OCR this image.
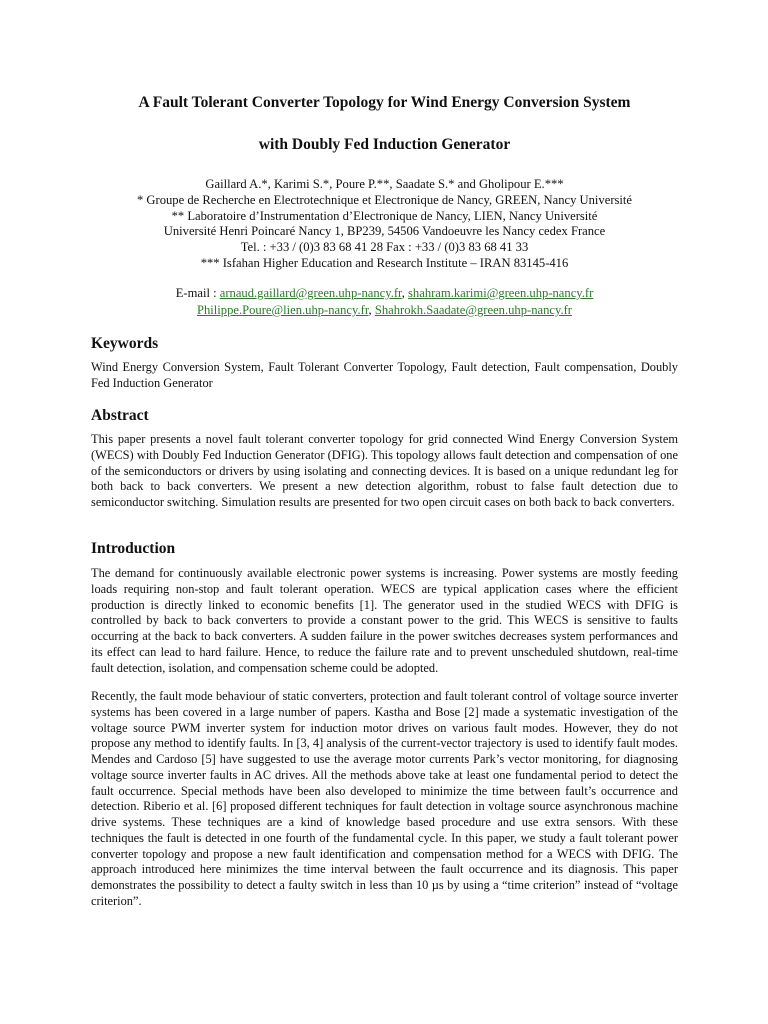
A Fault Tolerant Converter Topology for Wind Energy Conversion System
with Doubly Fed Induction Generator
Gaillard A.*, Karimi S.*, Poure P.**, Saadate S.* and Gholipour E.***
* Groupe de Recherche en Electrotechnique et Electronique de Nancy, GREEN, Nancy Université
** Laboratoire d’Instrumentation d’Electronique de Nancy, LIEN, Nancy Université
Université Henri Poincaré Nancy 1, BP239, 54506 Vandoeuvre les Nancy cedex France
Tel. : +33 / (0)3 83 68 41 28 Fax : +33 / (0)3 83 68 41 33
*** Isfahan Higher Education and Research Institute – IRAN 83145-416
E-mail : arnaud.gaillard@green.uhp-nancy.fr, shahram.karimi@green.uhp-nancy.fr
Philippe.Poure@lien.uhp-nancy.fr, Shahrokh.Saadate@green.uhp-nancy.fr
Keywords
Wind Energy Conversion System, Fault Tolerant Converter Topology, Fault detection, Fault compensation, Doubly Fed Induction Generator
Abstract
This paper presents a novel fault tolerant converter topology for grid connected Wind Energy Conversion System (WECS) with Doubly Fed Induction Generator (DFIG). This topology allows fault detection and compensation of one of the semiconductors or drivers by using isolating and connecting devices. It is based on a unique redundant leg for both back to back converters. We present a new detection algorithm, robust to false fault detection due to semiconductor switching. Simulation results are presented for two open circuit cases on both back to back converters.
Introduction
The demand for continuously available electronic power systems is increasing. Power systems are mostly feeding loads requiring non-stop and fault tolerant operation. WECS are typical application cases where the efficient production is directly linked to economic benefits [1]. The generator used in the studied WECS with DFIG is controlled by back to back converters to provide a constant power to the grid. This WECS is sensitive to faults occurring at the back to back converters. A sudden failure in the power switches decreases system performances and its effect can lead to hard failure. Hence, to reduce the failure rate and to prevent unscheduled shutdown, real-time fault detection, isolation, and compensation scheme could be adopted.
Recently, the fault mode behaviour of static converters, protection and fault tolerant control of voltage source inverter systems has been covered in a large number of papers. Kastha and Bose [2] made a systematic investigation of the voltage source PWM inverter system for induction motor drives on various fault modes. However, they do not propose any method to identify faults. In [3, 4] analysis of the current-vector trajectory is used to identify fault modes. Mendes and Cardoso [5] have suggested to use the average motor currents Park’s vector monitoring, for diagnosing voltage source inverter faults in AC drives. All the methods above take at least one fundamental period to detect the fault occurrence. Special methods have been also developed to minimize the time between fault’s occurrence and detection. Riberio et al. [6] proposed different techniques for fault detection in voltage source asynchronous machine drive systems. These techniques are a kind of knowledge based procedure and use extra sensors. With these techniques the fault is detected in one fourth of the fundamental cycle. In this paper, we study a fault tolerant power converter topology and propose a new fault identification and compensation method for a WECS with DFIG. The approach introduced here minimizes the time interval between the fault occurrence and its diagnosis. This paper demonstrates the possibility to detect a faulty switch in less than 10 µs by using a “time criterion” instead of “voltage criterion”.
